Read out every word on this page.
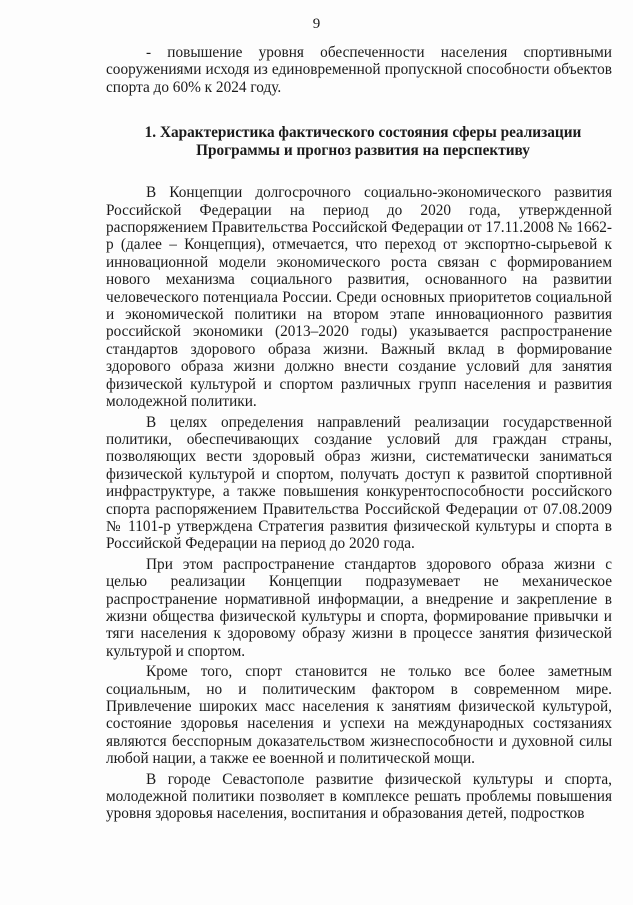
9

- повышение уровня обеспеченности населения спортивными сооружениями исходя из единовременной пропускной способности объектов спорта до 60% к 2024 году.

1. Характеристика фактического состояния сферы реализации
Программы и прогноз развития на перспективу

В Концепции долгосрочного социально-экономического развития Российской Федерации на период до 2020 года, утвержденной распоряжением Правительства Российской Федерации от 17.11.2008 № 1662-р (далее – Концепция), отмечается, что переход от экспортно-сырьевой к инновационной модели экономического роста связан с формированием нового механизма социального развития, основанного на развитии человеческого потенциала России. Среди основных приоритетов социальной и экономической политики на втором этапе инновационного развития российской экономики (2013–2020 годы) указывается распространение стандартов здорового образа жизни. Важный вклад в формирование здорового образа жизни должно внести создание условий для занятия физической культурой и спортом различных групп населения и развития молодежной политики.

В целях определения направлений реализации государственной политики, обеспечивающих создание условий для граждан страны, позволяющих вести здоровый образ жизни, систематически заниматься физической культурой и спортом, получать доступ к развитой спортивной инфраструктуре, а также повышения конкурентоспособности российского спорта распоряжением Правительства Российской Федерации от 07.08.2009 № 1101-р утверждена Стратегия развития физической культуры и спорта в Российской Федерации на период до 2020 года.

При этом распространение стандартов здорового образа жизни с целью реализации Концепции подразумевает не механическое распространение нормативной информации, а внедрение и закрепление в жизни общества физической культуры и спорта, формирование привычки и тяги населения к здоровому образу жизни в процессе занятия физической культурой и спортом.

Кроме того, спорт становится не только все более заметным социальным, но и политическим фактором в современном мире. Привлечение широких масс населения к занятиям физической культурой, состояние здоровья населения и успехи на международных состязаниях являются бесспорным доказательством жизнеспособности и духовной силы любой нации, а также ее военной и политической мощи.

В городе Севастополе развитие физической культуры и спорта, молодежной политики позволяет в комплексе решать проблемы повышения уровня здоровья населения, воспитания и образования детей, подростков
